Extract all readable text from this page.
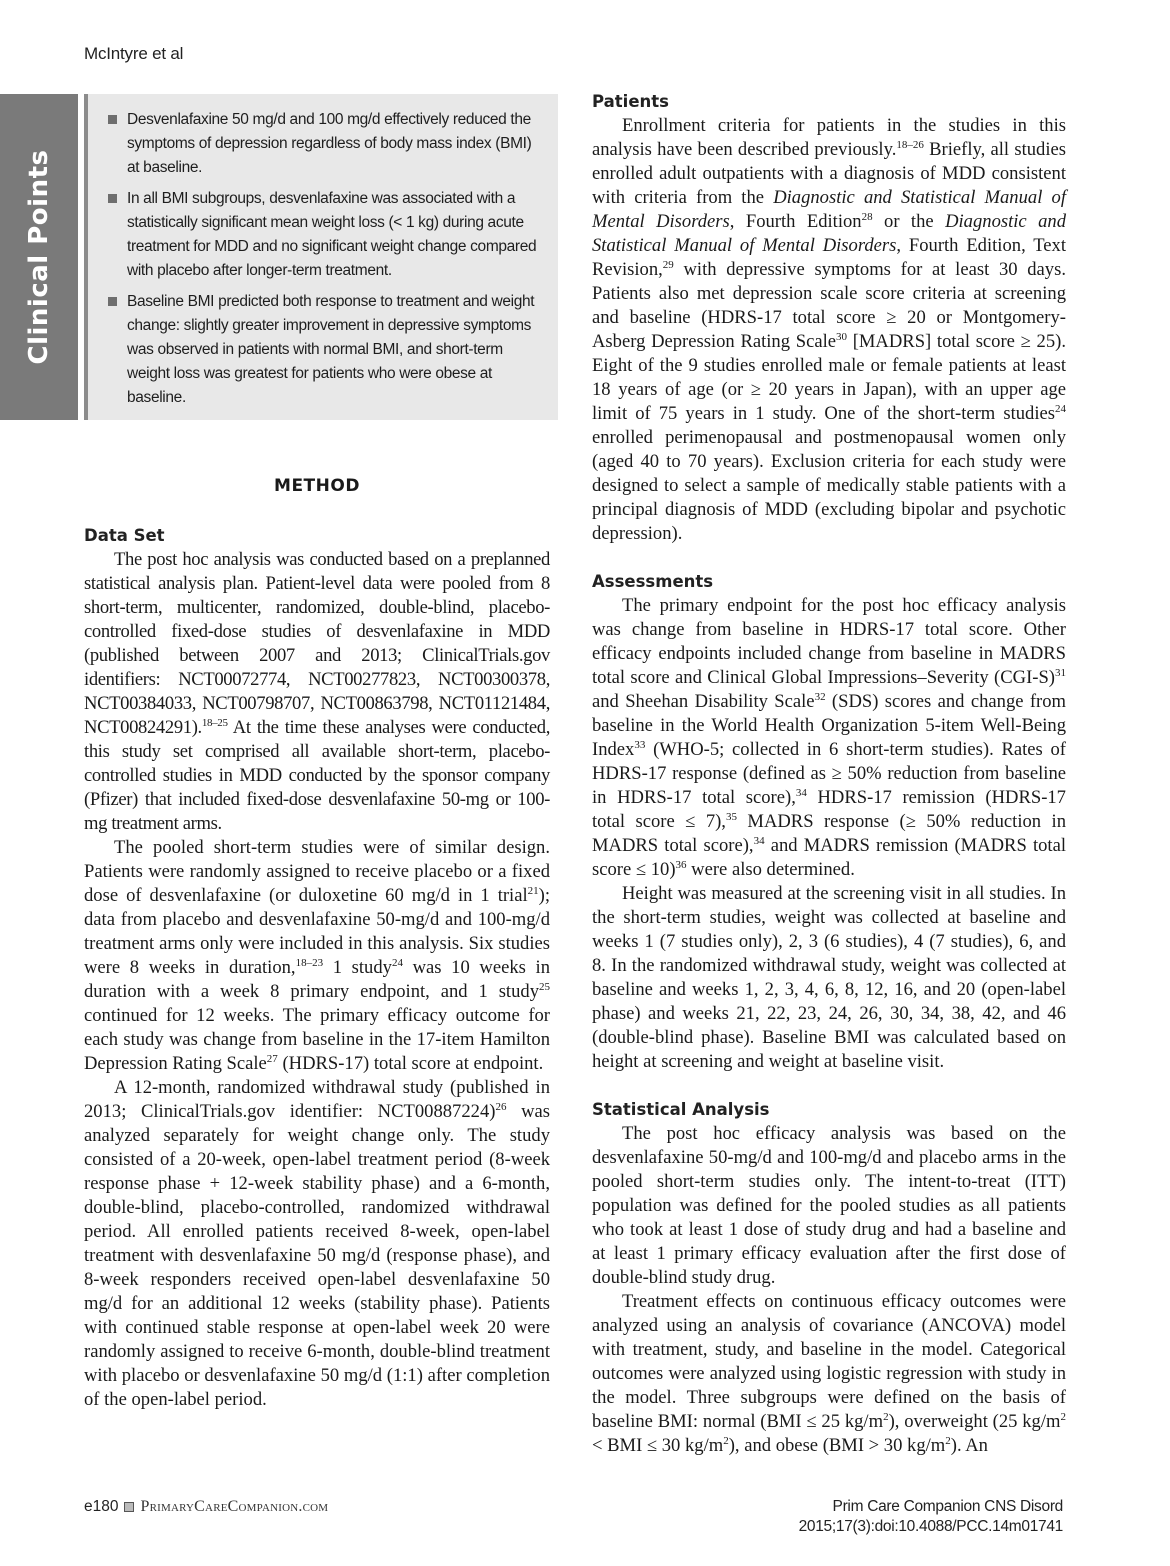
McIntyre et al
Clinical Points
Desvenlafaxine 50 mg/d and 100 mg/d effectively reduced the symptoms of depression regardless of body mass index (BMI) at baseline.
In all BMI subgroups, desvenlafaxine was associated with a statistically significant mean weight loss (< 1 kg) during acute treatment for MDD and no significant weight change compared with placebo after longer-term treatment.
Baseline BMI predicted both response to treatment and weight change: slightly greater improvement in depressive symptoms was observed in patients with normal BMI, and short-term weight loss was greatest for patients who were obese at baseline.
METHOD
Data Set

The post hoc analysis was conducted based on a preplanned statistical analysis plan. Patient-level data were pooled from 8 short-term, multicenter, randomized, double-blind, placebo-controlled fixed-dose studies of desvenlafaxine in MDD (published between 2007 and 2013; ClinicalTrials.gov identifiers: NCT00072774, NCT00277823, NCT00300378, NCT00384033, NCT00798707, NCT00863798, NCT01121484, NCT00824291).$^{18-25}$ At the time these analyses were conducted, this study set comprised all available short-term, placebo-controlled studies in MDD conducted by the sponsor company (Pfizer) that included fixed-dose desvenlafaxine 50-mg or 100-mg treatment arms.

The pooled short-term studies were of similar design. Patients were randomly assigned to receive placebo or a fixed dose of desvenlafaxine (or duloxetine 60 mg/d in 1 trial$^{21}$); data from placebo and desvenlafaxine 50-mg/d and 100-mg/d treatment arms only were included in this analysis. Six studies were 8 weeks in duration,$^{18-23}$ 1 study$^{24}$ was 10 weeks in duration with a week 8 primary endpoint, and 1 study$^{25}$ continued for 12 weeks. The primary efficacy outcome for each study was change from baseline in the 17-item Hamilton Depression Rating Scale$^{27}$ (HDRS-17) total score at endpoint.

A 12-month, randomized withdrawal study (published in 2013; ClinicalTrials.gov identifier: NCT00887224)$^{26}$ was analyzed separately for weight change only. The study consisted of a 20-week, open-label treatment period (8-week response phase + 12-week stability phase) and a 6-month, double-blind, placebo-controlled, randomized withdrawal period. All enrolled patients received 8-week, open-label treatment with desvenlafaxine 50 mg/d (response phase), and 8-week responders received open-label desvenlafaxine 50 mg/d for an additional 12 weeks (stability phase). Patients with continued stable response at open-label week 20 were randomly assigned to receive 6-month, double-blind treatment with placebo or desvenlafaxine 50 mg/d (1:1) after completion of the open-label period.

Patients

Enrollment criteria for patients in the studies in this analysis have been described previously.$^{18-26}$ Briefly, all studies enrolled adult outpatients with a diagnosis of MDD consistent with criteria from the Diagnostic and Statistical Manual of Mental Disorders, Fourth Edition$^{28}$ or the Diagnostic and Statistical Manual of Mental Disorders, Fourth Edition, Text Revision,$^{29}$ with depressive symptoms for at least 30 days. Patients also met depression scale score criteria at screening and baseline (HDRS-17 total score ≥ 20 or Montgomery-Asberg Depression Rating Scale$^{30}$ [MADRS] total score ≥ 25). Eight of the 9 studies enrolled male or female patients at least 18 years of age (or ≥ 20 years in Japan), with an upper age limit of 75 years in 1 study. One of the short-term studies$^{24}$ enrolled perimenopausal and postmenopausal women only (aged 40 to 70 years). Exclusion criteria for each study were designed to select a sample of medically stable patients with a principal diagnosis of MDD (excluding bipolar and psychotic depression).

Assessments

The primary endpoint for the post hoc efficacy analysis was change from baseline in HDRS-17 total score. Other efficacy endpoints included change from baseline in MADRS total score and Clinical Global Impressions–Severity $(CGI-S)^{31}$ and Sheehan Disability Scale$^{32}$ (SDS) scores and change from baseline in the World Health Organization 5-item Well-Being Index$^{33}$ (WHO-5; collected in 6 short-term studies). Rates of HDRS-17 response (defined as ≥ 50% reduction from baseline in HDRS-17 total score),$^{34}$ HDRS-17 remission (HDRS-17 total score ≤ 7),$^{35}$ MADRS response (≥ 50% reduction in MADRS total score),$^{34}$ and MADRS remission (MADRS total score ≤ 10)$^{36}$ were also determined.

Height was measured at the screening visit in all studies. In the short-term studies, weight was collected at baseline and weeks 1 (7 studies only), 2, 3 (6 studies), 4 (7 studies), 6, and 8. In the randomized withdrawal study, weight was collected at baseline and weeks 1, 2, 3, 4, 6, 8, 12, 16, and 20 (open-label phase) and weeks 21, 22, 23, 24, 26, 30, 34, 38, 42, and 46 (double-blind phase). Baseline BMI was calculated based on height at screening and weight at baseline visit.

Statistical Analysis

The post hoc efficacy analysis was based on the desvenlafaxine 50-mg/d and 100-mg/d and placebo arms in the pooled short-term studies only. The intent-to-treat (ITT) population was defined for the pooled studies as all patients who took at least 1 dose of study drug and had a baseline and at least 1 primary efficacy evaluation after the first dose of double-blind study drug.

Treatment effects on continuous efficacy outcomes were analyzed using an analysis of covariance (ANCOVA) model with treatment, study, and baseline in the model. Categorical outcomes were analyzed using logistic regression with study in the model. Three subgroups were defined on the basis of baseline BMI: normal (BMI ≤ 25 $kg/m^2$), overweight (25 $kg/m^2$ < BMI ≤ 30 $kg/m^2$), and obese (BMI > 30 $kg/m^2$). An

e180 PrimaryCareCompanion.com	Prim Care Companion CNS Disord
2015;17(3):doi:10.4088/PCC.14m01741
